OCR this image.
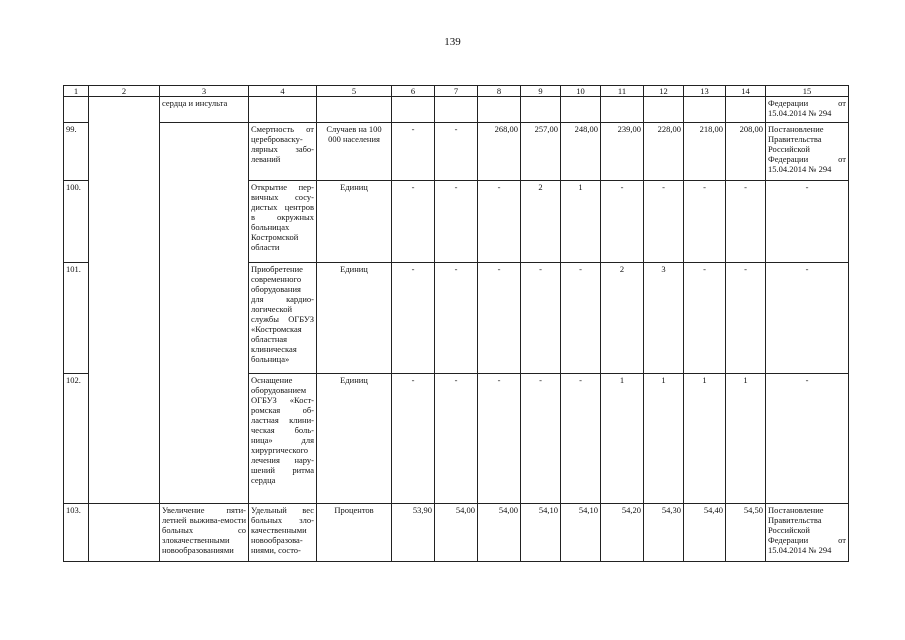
139
1	2	3	4	5	6	7	8	9	10	11	12	13	14	15
		сердца и инсульта												Федерации от 15.04.2014 № 294
99.			Смертность от цереброваску-лярных забо-леваний	Случаев на 100 000 населения	-	-	268,00	257,00	248,00	239,00	228,00	218,00	208,00	Постановление Правительства Российской Федерации от 15.04.2014 № 294
100.			Открытие пер-вичных сосу-дистых центров в окружных больницах Костромской области	Единиц	-	-	-	2	1	-	-	-	-	-
101.			Приобретение современного оборудования для кардио-логической службы ОГБУЗ «Костромская областная клиническая больница»	Единиц	-	-	-	-	-	2	3	-	-	-
102.			Оснащение оборудованием ОГБУЗ «Кост-ромская об-ластная клини-ческая боль-ница» для хирургического лечения нару-шений ритма сердца	Единиц	-	-	-	-	-	1	1	1	1	-
103.		Увеличение пяти-летней выжива-емости больных со злокачественными новообразованиями	Удельный вес больных зло-качественными новообразова-ниями, состо-	Процентов	53,90	54,00	54,00	54,10	54,10	54,20	54,30	54,40	54,50	Постановление Правительства Российской Федерации от 15.04.2014 № 294
